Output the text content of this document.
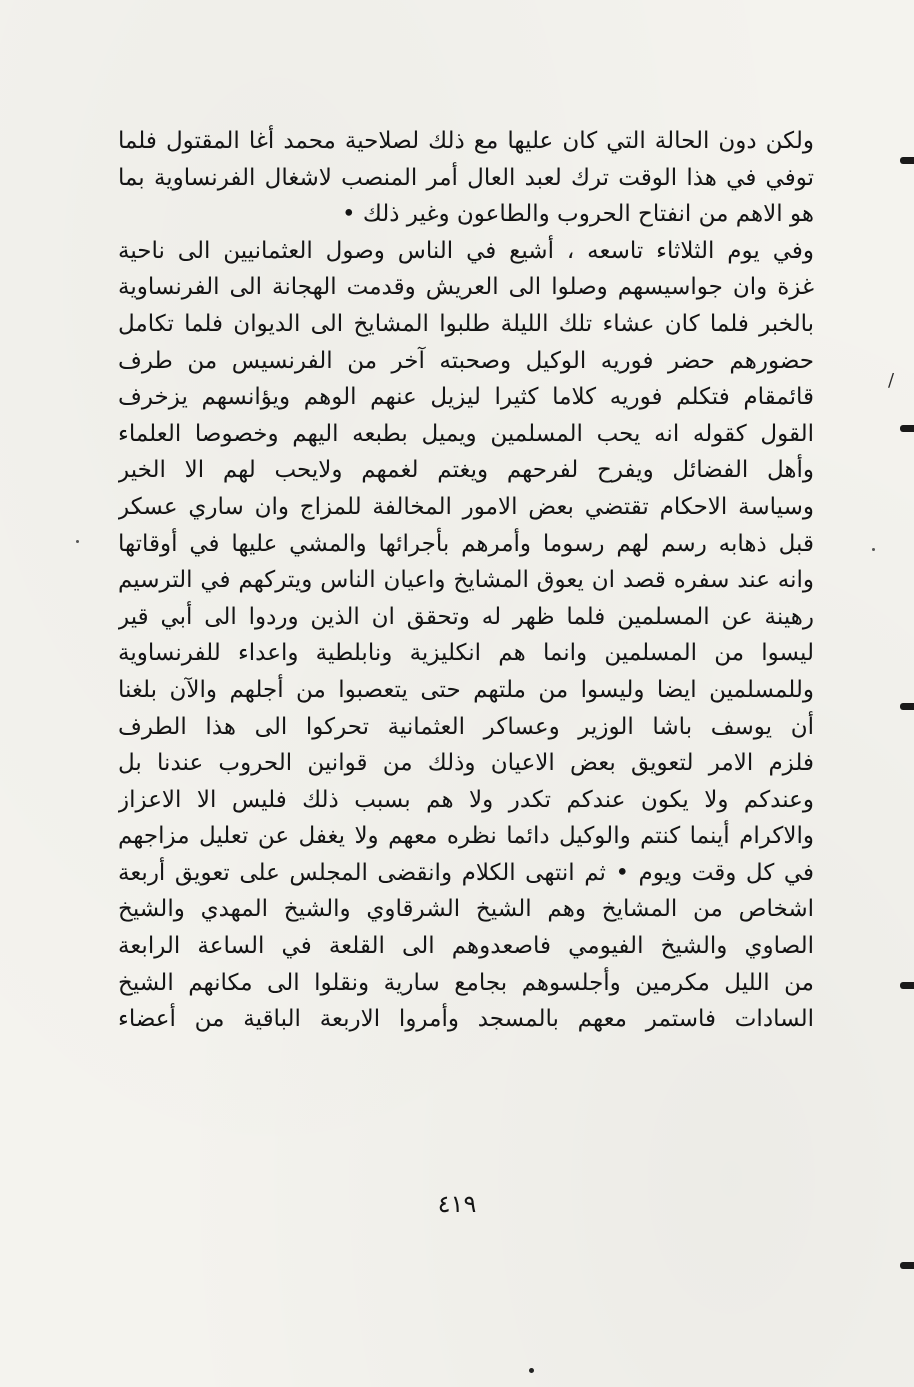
ولكن دون الحالة التي كان عليها مع ذلك لصلاحية محمد أغا المقتول فلما
توفي في هذا الوقت ترك لعبد العال أمر المنصب لاشغال الفرنساوية بما
هو الاهم من انفتاح الحروب والطاعون وغير ذلك •
وفي يوم الثلاثاء تاسعه ، أشيع في الناس وصول العثمانيين الى ناحية
غزة وان جواسيسهم وصلوا الى العريش وقدمت الهجانة الى الفرنساوية
بالخبر فلما كان عشاء تلك الليلة طلبوا المشايخ الى الديوان فلما تكامل
حضورهم حضر فوريه الوكيل وصحبته آخر من الفرنسيس من طرف
قائمقام فتكلم فوريه كلاما كثيرا ليزيل عنهم الوهم ويؤانسهم يزخرف
القول كقوله انه يحب المسلمين ويميل بطبعه اليهم وخصوصا العلماء
وأهل الفضائل ويفرح لفرحهم ويغتم لغمهم ولايحب لهم الا الخير
وسياسة الاحكام تقتضي بعض الامور المخالفة للمزاج وان ساري عسكر
قبل ذهابه رسم لهم رسوما وأمرهم بأجرائها والمشي عليها في أوقاتها
وانه عند سفره قصد ان يعوق المشايخ واعيان الناس ويتركهم في الترسيم
رهينة عن المسلمين فلما ظهر له وتحقق ان الذين وردوا الى أبي قير
ليسوا من المسلمين وانما هم انكليزية ونابلطية واعداء للفرنساوية
وللمسلمين ايضا وليسوا من ملتهم حتى يتعصبوا من أجلهم والآن بلغنا
أن يوسف باشا الوزير وعساكر العثمانية تحركوا الى هذا الطرف
فلزم الامر لتعويق بعض الاعيان وذلك من قوانين الحروب عندنا بل
وعندكم ولا يكون عندكم تكدر ولا هم بسبب ذلك فليس الا الاعزاز
والاكرام أينما كنتم والوكيل دائما نظره معهم ولا يغفل عن تعليل مزاجهم
في كل وقت ويوم • ثم انتهى الكلام وانقضى المجلس على تعويق أربعة
اشخاص من المشايخ وهم الشيخ الشرقاوي والشيخ المهدي والشيخ
الصاوي والشيخ الفيومي فاصعدوهم الى القلعة في الساعة الرابعة
من الليل مكرمين وأجلسوهم بجامع سارية ونقلوا الى مكانهم الشيخ
السادات فاستمر معهم بالمسجد وأمروا الاربعة الباقية من أعضاء
٤١٩
/
